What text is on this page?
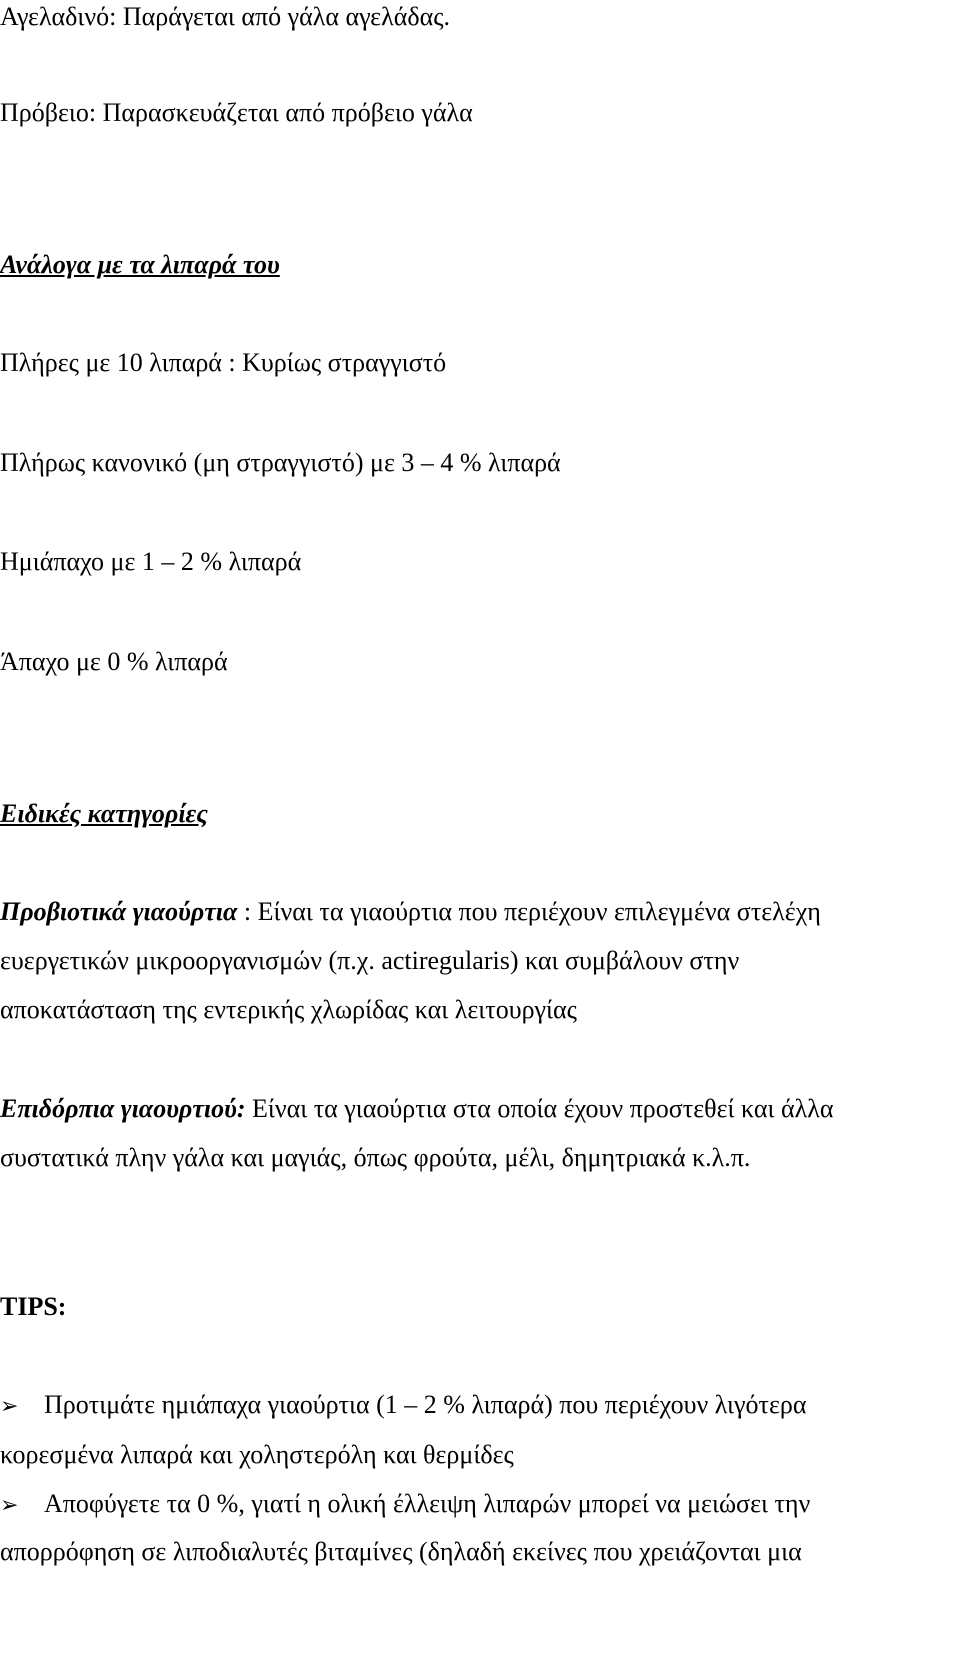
Αγελαδινό: Παράγεται από γάλα αγελάδας.
Πρόβειο: Παρασκευάζεται από πρόβειο γάλα
Ανάλογα με τα λιπαρά του
Πλήρες με 10 λιπαρά : Κυρίως στραγγιστό
Πλήρως κανονικό (μη στραγγιστό) με 3 – 4 % λιπαρά
Ημιάπαχο με 1 – 2 % λιπαρά
Άπαχο με 0 % λιπαρά
Ειδικές κατηγορίες
Προβιοτικά γιαούρτια : Είναι τα γιαούρτια που περιέχουν επιλεγμένα στελέχη
ευεργετικών μικροοργανισμών (π.χ. actiregularis) και συμβάλουν στην
αποκατάσταση της εντερικής χλωρίδας και λειτουργίας
Επιδόρπια γιαουρτιού: Είναι τα γιαούρτια στα οποία έχουν προστεθεί και άλλα
συστατικά πλην γάλα και μαγιάς, όπως φρούτα, μέλι, δημητριακά κ.λ.π.
TIPS:
➢ Προτιμάτε ημιάπαχα γιαούρτια (1 – 2 % λιπαρά) που περιέχουν λιγότερα
κορεσμένα λιπαρά και χοληστερόλη και θερμίδες
➢ Αποφύγετε τα 0 %, γιατί η ολική έλλειψη λιπαρών μπορεί να μειώσει την
απορρόφηση σε λιποδιαλυτές βιταμίνες (δηλαδή εκείνες που χρειάζονται μια
